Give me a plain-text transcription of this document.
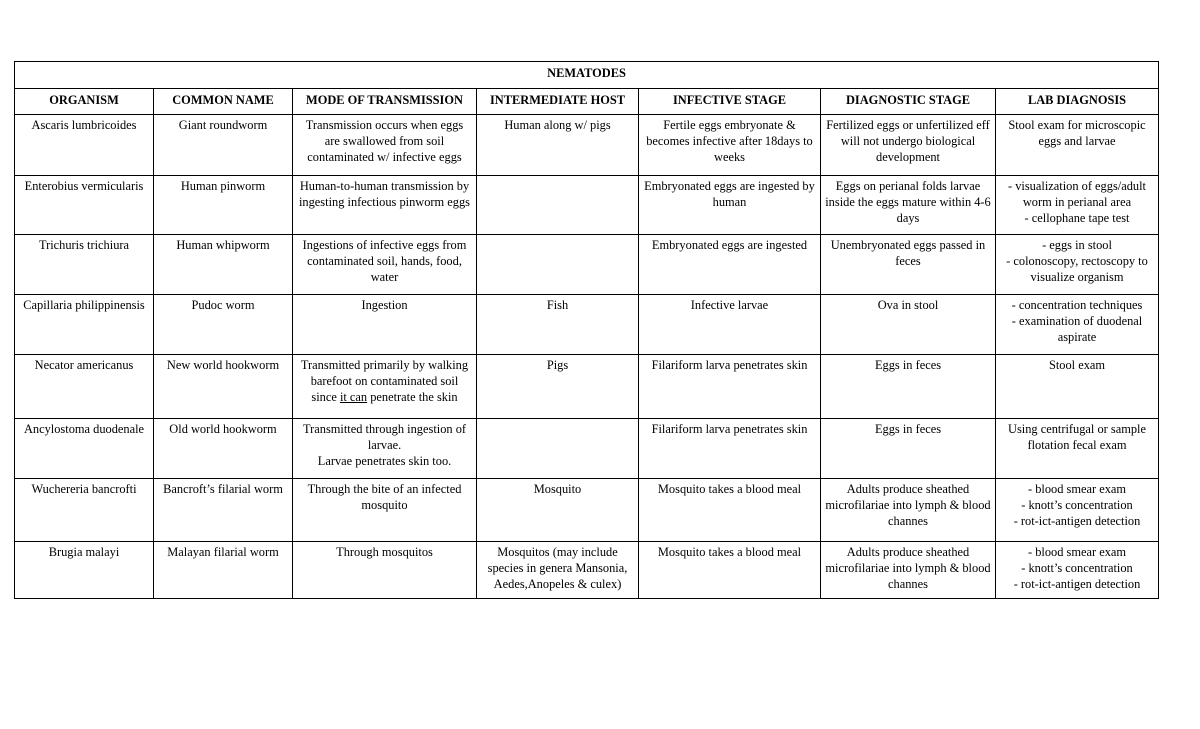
NEMATODES						
ORGANISM	COMMON NAME	MODE OF TRANSMISSION	INTERMEDIATE HOST	INFECTIVE STAGE	DIAGNOSTIC STAGE	LAB DIAGNOSIS
Ascaris lumbricoides	Giant roundworm	Transmission occurs when eggs are swallowed from soil contaminated w/ infective eggs	Human along w/ pigs	Fertile eggs embryonate & becomes infective after 18days to weeks	Fertilized eggs or unfertilized eff will not undergo biological development	Stool exam for microscopic eggs and larvae

Enterobius vermicularis	Human pinworm	Human-to-human transmission by ingesting infectious pinworm eggs		Embryonated eggs are ingested by human	Eggs on perianal folds larvae inside the eggs mature within 4-6 days	- visualization of eggs/adult worm in perianal area
- cellophane tape test

Trichuris trichiura	Human whipworm	Ingestions of infective eggs from contaminated soil, hands, food, water		Embryonated eggs are ingested	Unembryonated eggs passed in feces	- eggs in stool
- colonoscopy, rectoscopy to visualize organism

Capillaria philippinensis	Pudoc worm	Ingestion	Fish	Infective larvae	Ova in stool	- concentration techniques
- examination of duodenal aspirate

Necator americanus	New world hookworm	Transmitted primarily by walking barefoot on contaminated soil since it can penetrate the skin	Pigs	Filariform larva penetrates skin	Eggs in feces	Stool exam

Ancylostoma duodenale	Old world hookworm	Transmitted through ingestion of larvae.
Larvae penetrates skin too.		Filariform larva penetrates skin	Eggs in feces	Using centrifugal or sample flotation fecal exam

Wuchereria bancrofti	Bancroft’s filarial worm	Through the bite of an infected mosquito	Mosquito	Mosquito takes a blood meal	Adults produce sheathed microfilariae into lymph & blood channes	- blood smear exam
- knott’s concentration
- rot-ict-antigen detection

Brugia malayi	Malayan filarial worm	Through mosquitos	Mosquitos (may include species in genera Mansonia, Aedes,Anopeles & culex)	Mosquito takes a blood meal	Adults produce sheathed microfilariae into lymph & blood channes	- blood smear exam
- knott’s concentration
- rot-ict-antigen detection
